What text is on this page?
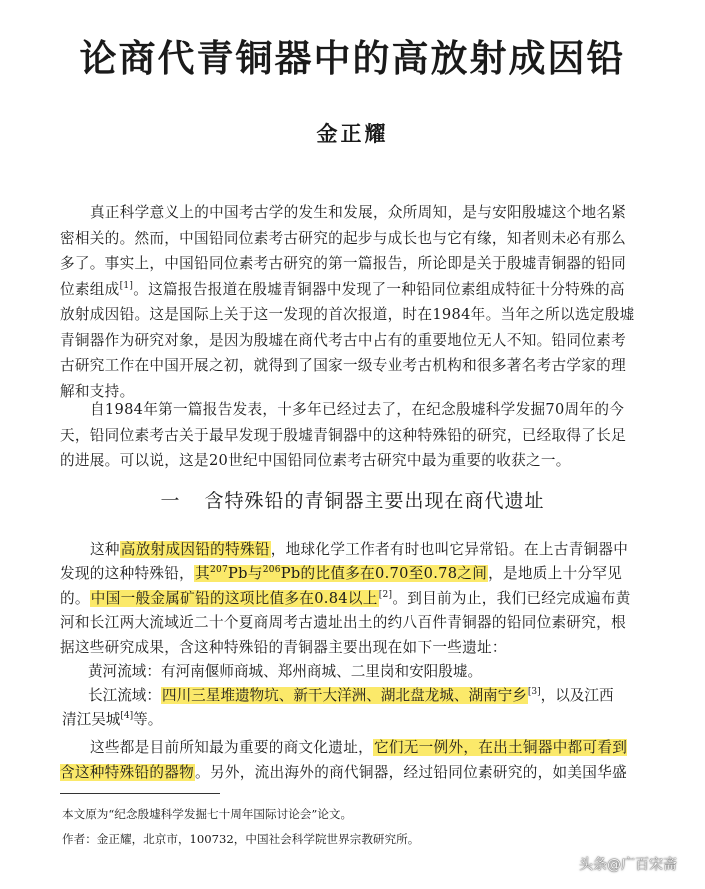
论商代青铜器中的高放射成因铅
金正耀

真正科学意义上的中国考古学的发生和发展，众所周知，是与安阳殷墟这个地名紧密相关的。然而，中国铅同位素考古研究的起步与成长也与它有缘，知者则未必有那么多了。事实上，中国铅同位素考古研究的第一篇报告，所论即是关于殷墟青铜器的铅同位素组成[1]。这篇报告报道在殷墟青铜器中发现了一种铅同位素组成特征十分特殊的高放射成因铅。这是国际上关于这一发现的首次报道，时在1984年。当年之所以选定殷墟青铜器作为研究对象，是因为殷墟在商代考古中占有的重要地位无人不知。铅同位素考古研究工作在中国开展之初，就得到了国家一级专业考古机构和很多著名考古学家的理解和支持。

自1984年第一篇报告发表，十多年已经过去了，在纪念殷墟科学发掘70周年的今天，铅同位素考古关于最早发现于殷墟青铜器中的这种特殊铅的研究，已经取得了长足的进展。可以说，这是20世纪中国铅同位素考古研究中最为重要的收获之一。

一 含特殊铅的青铜器主要出现在商代遗址

这种高放射成因铅的特殊铅，地球化学工作者有时也叫它异常铅。在上古青铜器中发现的这种特殊铅，其$^{207}$Pb与$^{206}$Pb的比值多在0.70至0.78之间，是地质上十分罕见的。中国一般金属矿铅的这项比值多在0.84以上[2]。到目前为止，我们已经完成遍布黄河和长江两大流域近二十个夏商周考古遗址出土的约八百件青铜器的铅同位素研究，根据这些研究成果，含这种特殊铅的青铜器主要出现在如下一些遗址：

黄河流域：有河南偃师商城、郑州商城、二里岗和安阳殷墟。

长江流域：四川三星堆遗物坑、新干大洋洲、湖北盘龙城、湖南宁乡[3]，以及江西

清江吴城[4]等。

这些都是目前所知最为重要的商文化遗址，它们无一例外，在出土铜器中都可看到含这种特殊铅的器物。另外，流出海外的商代铜器，经过铅同位素研究的，如美国华盛

本文原为“纪念殷墟科学发掘七十周年国际讨论会”论文。

作者：金正耀，北京市，100732，中国社会科学院世界宗教研究所。

头条@广百宋斋
